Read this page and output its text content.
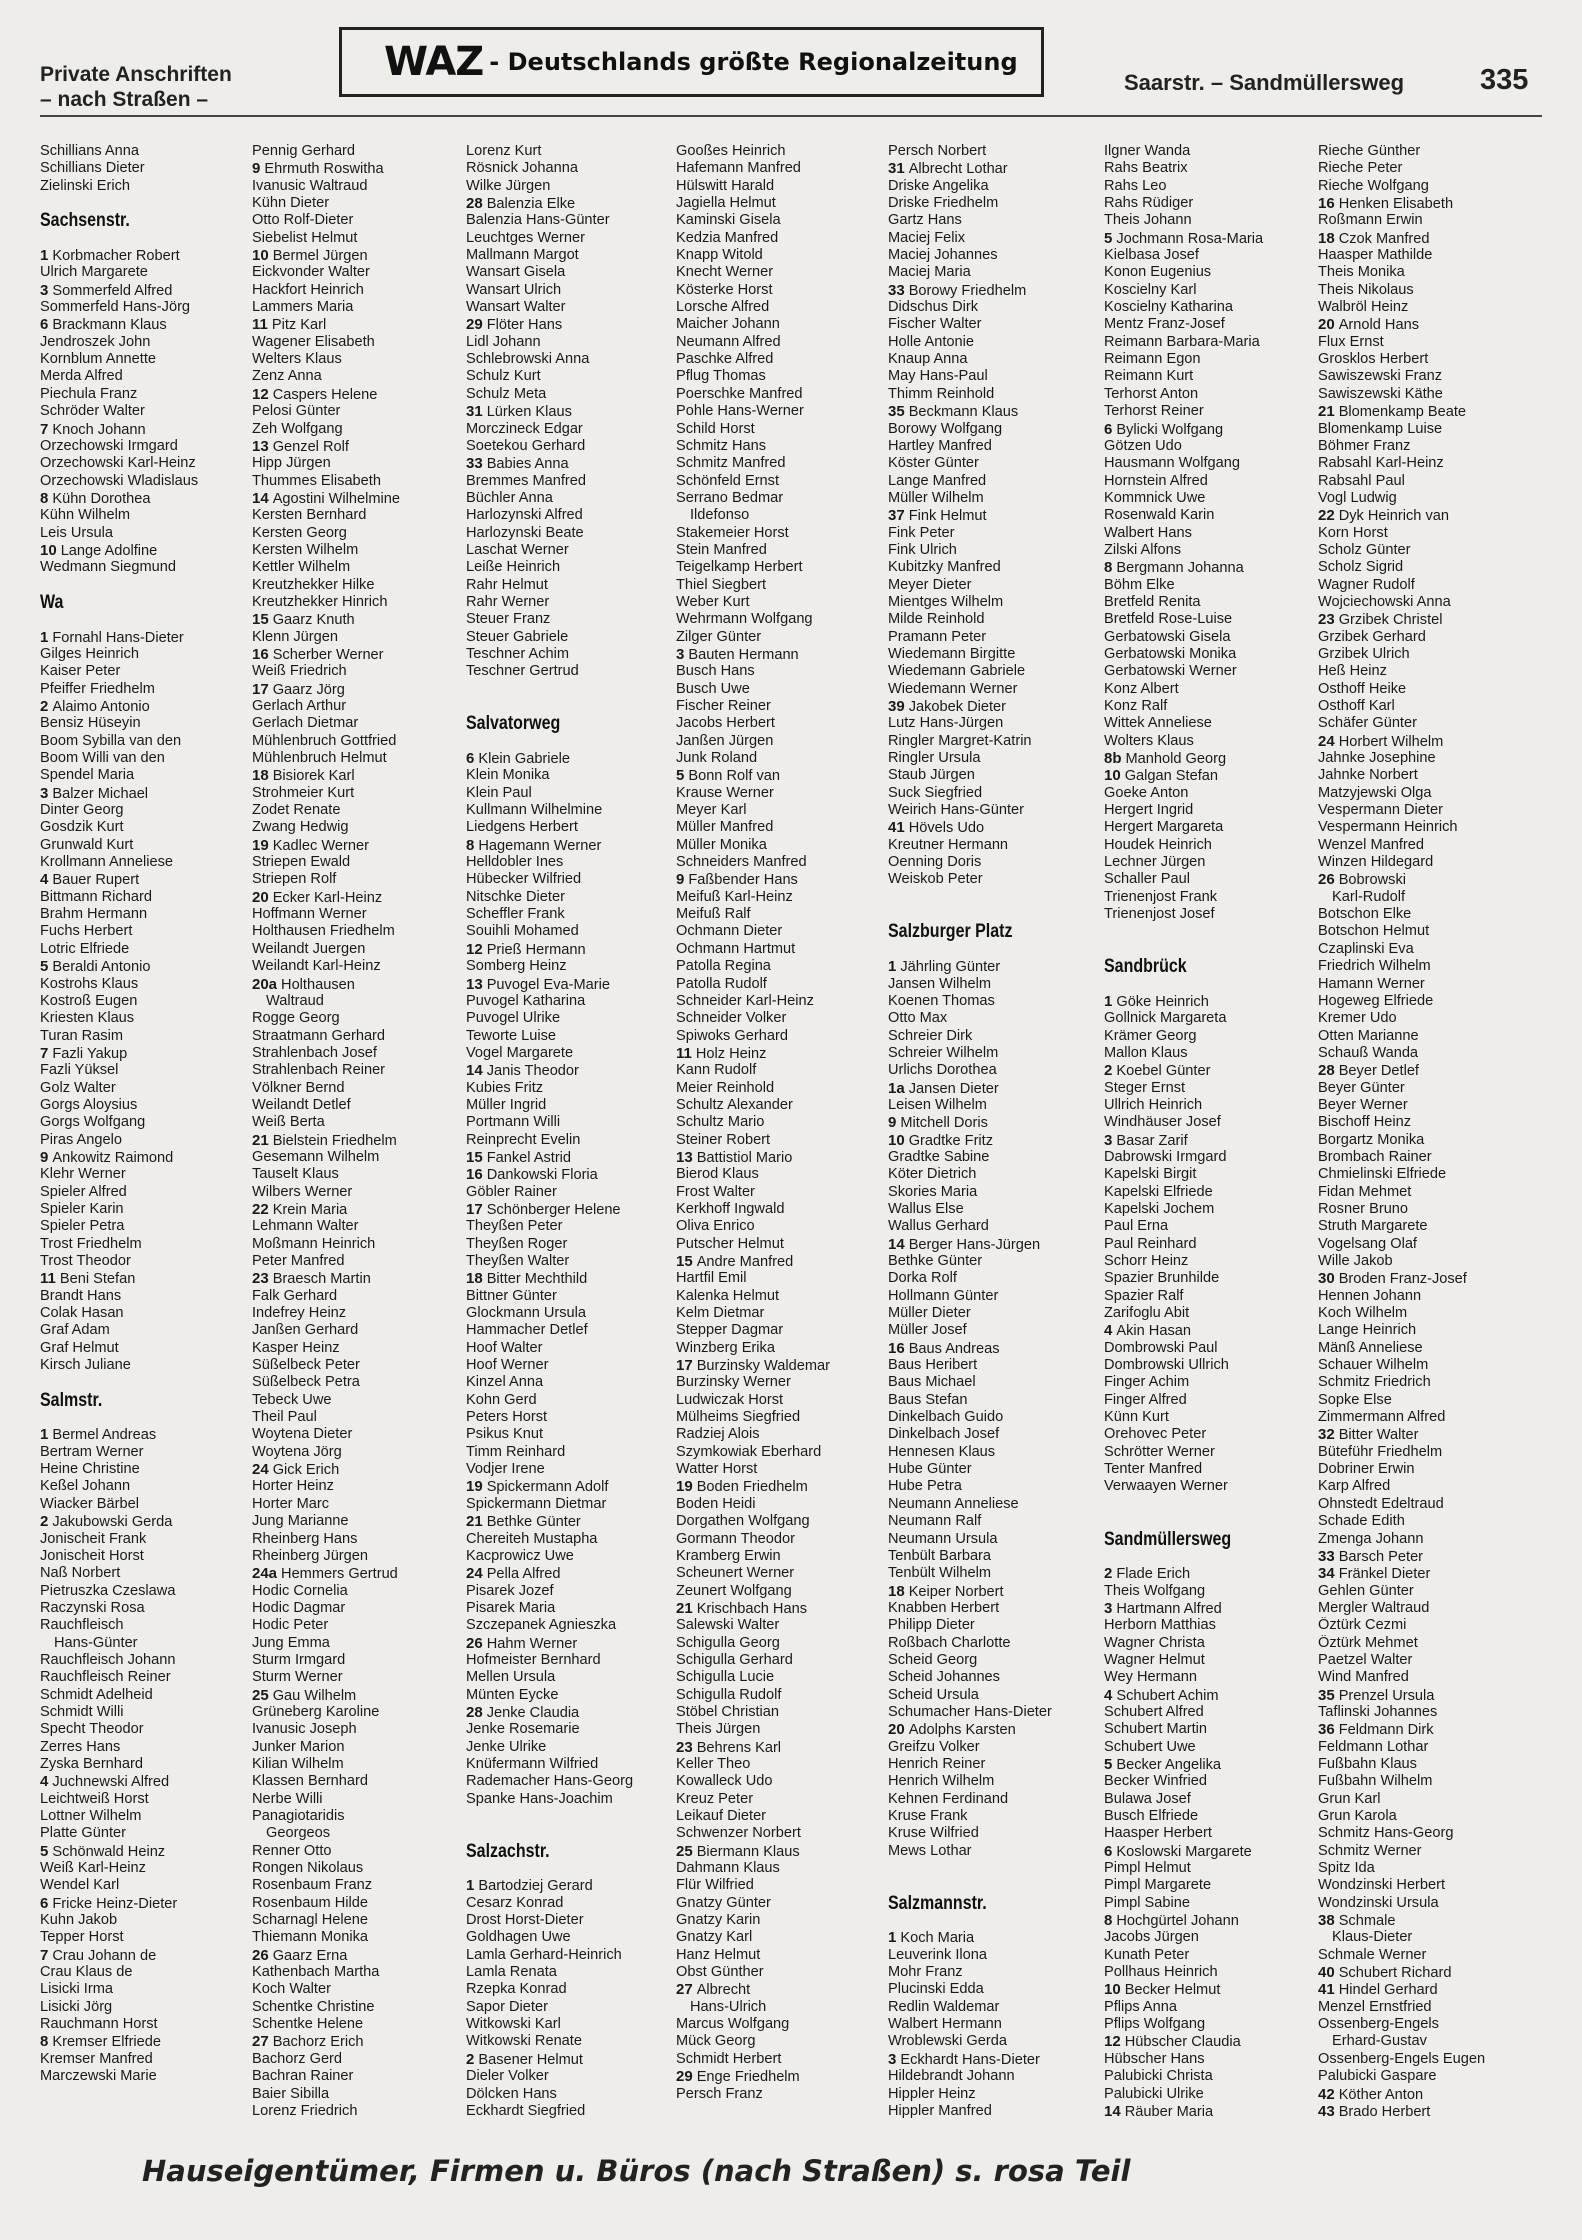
Private Anschriften
– nach Straßen –
WAZ - Deutschlands größte Regionalzeitung
Saarstr. – Sandmüllersweg	335
Schillians Anna
Schillians Dieter
Zielinski Erich
Sachsenstr.
1 Korbmacher Robert
Ulrich Margarete
3 Sommerfeld Alfred
Sommerfeld Hans-Jörg
6 Brackmann Klaus
Jendroszek John
Kornblum Annette
Merda Alfred
Piechula Franz
Schröder Walter
7 Knoch Johann
Orzechowski Irmgard
Orzechowski Karl-Heinz
Orzechowski Wladislaus
8 Kühn Dorothea
Kühn Wilhelm
Leis Ursula
10 Lange Adolfine
Wedmann Siegmund
Wa
1 Fornahl Hans-Dieter
Gilges Heinrich
Kaiser Peter
Pfeiffer Friedhelm
2 Alaimo Antonio
Bensiz Hüseyin
Boom Sybilla van den
Boom Willi van den
Spendel Maria
3 Balzer Michael
Dinter Georg
Gosdzik Kurt
Grunwald Kurt
Krollmann Anneliese
4 Bauer Rupert
Bittmann Richard
Brahm Hermann
Fuchs Herbert
Lotric Elfriede
5 Beraldi Antonio
Kostrohs Klaus
Kostroß Eugen
Kriesten Klaus
Turan Rasim
7 Fazli Yakup
Fazli Yüksel
Golz Walter
Gorgs Aloysius
Gorgs Wolfgang
Piras Angelo
9 Ankowitz Raimond
Klehr Werner
Spieler Alfred
Spieler Karin
Spieler Petra
Trost Friedhelm
Trost Theodor
11 Beni Stefan
Brandt Hans
Colak Hasan
Graf Adam
Graf Helmut
Kirsch Juliane
Salmstr.
1 Bermel Andreas
Bertram Werner
Heine Christine
Keßel Johann
Wiacker Bärbel
2 Jakubowski Gerda
Jonischeit Frank
Jonischeit Horst
Naß Norbert
Pietruszka Czeslawa
Raczynski Rosa
Rauchfleisch
Hans-Günter
Rauchfleisch Johann
Rauchfleisch Reiner
Schmidt Adelheid
Schmidt Willi
Specht Theodor
Zerres Hans
Zyska Bernhard
4 Juchnewski Alfred
Leichtweiß Horst
Lottner Wilhelm
Platte Günter
5 Schönwald Heinz
Weiß Karl-Heinz
Wendel Karl
6 Fricke Heinz-Dieter
Kuhn Jakob
Tepper Horst
7 Crau Johann de
Crau Klaus de
Lisicki Irma
Lisicki Jörg
Rauchmann Horst
8 Kremser Elfriede
Kremser Manfred
Marczewski Marie
Pennig Gerhard
9 Ehrmuth Roswitha
Ivanusic Waltraud
Kühn Dieter
Otto Rolf-Dieter
Siebelist Helmut
10 Bermel Jürgen
Eickvonder Walter
Hackfort Heinrich
Lammers Maria
11 Pitz Karl
Wagener Elisabeth
Welters Klaus
Zenz Anna
12 Caspers Helene
Pelosi Günter
Zeh Wolfgang
13 Genzel Rolf
Hipp Jürgen
Thummes Elisabeth
14 Agostini Wilhelmine
Kersten Bernhard
Kersten Georg
Kersten Wilhelm
Kettler Wilhelm
Kreutzhekker Hilke
Kreutzhekker Hinrich
15 Gaarz Knuth
Klenn Jürgen
16 Scherber Werner
Weiß Friedrich
17 Gaarz Jörg
Gerlach Arthur
Gerlach Dietmar
Mühlenbruch Gottfried
Mühlenbruch Helmut
18 Bisiorek Karl
Strohmeier Kurt
Zodet Renate
Zwang Hedwig
19 Kadlec Werner
Striepen Ewald
Striepen Rolf
20 Ecker Karl-Heinz
Hoffmann Werner
Holthausen Friedhelm
Weilandt Juergen
Weilandt Karl-Heinz
20a Holthausen
Waltraud
Rogge Georg
Straatmann Gerhard
Strahlenbach Josef
Strahlenbach Reiner
Völkner Bernd
Weilandt Detlef
Weiß Berta
21 Bielstein Friedhelm
Gesemann Wilhelm
Tauselt Klaus
Wilbers Werner
22 Krein Maria
Lehmann Walter
Moßmann Heinrich
Peter Manfred
23 Braesch Martin
Falk Gerhard
Indefrey Heinz
Janßen Gerhard
Kasper Heinz
Süßelbeck Peter
Süßelbeck Petra
Tebeck Uwe
Theil Paul
Woytena Dieter
Woytena Jörg
24 Gick Erich
Horter Heinz
Horter Marc
Jung Marianne
Rheinberg Hans
Rheinberg Jürgen
24a Hemmers Gertrud
Hodic Cornelia
Hodic Dagmar
Hodic Peter
Jung Emma
Sturm Irmgard
Sturm Werner
25 Gau Wilhelm
Grüneberg Karoline
Ivanusic Joseph
Junker Marion
Kilian Wilhelm
Klassen Bernhard
Nerbe Willi
Panagiotaridis
Georgeos
Renner Otto
Rongen Nikolaus
Rosenbaum Franz
Rosenbaum Hilde
Scharnagl Helene
Thiemann Monika
26 Gaarz Erna
Kathenbach Martha
Koch Walter
Schentke Christine
Schentke Helene
27 Bachorz Erich
Bachorz Gerd
Bachran Rainer
Baier Sibilla
Lorenz Friedrich
Lorenz Kurt
Rösnick Johanna
Wilke Jürgen
28 Balenzia Elke
Balenzia Hans-Günter
Leuchtges Werner
Mallmann Margot
Wansart Gisela
Wansart Ulrich
Wansart Walter
29 Flöter Hans
Lidl Johann
Schlebrowski Anna
Schulz Kurt
Schulz Meta
31 Lürken Klaus
Morczineck Edgar
Soetekou Gerhard
33 Babies Anna
Bremmes Manfred
Büchler Anna
Harlozynski Alfred
Harlozynski Beate
Laschat Werner
Leiße Heinrich
Rahr Helmut
Rahr Werner
Steuer Franz
Steuer Gabriele
Teschner Achim
Teschner Gertrud
Salvatorweg
6 Klein Gabriele
Klein Monika
Klein Paul
Kullmann Wilhelmine
Liedgens Herbert
8 Hagemann Werner
Helldobler Ines
Hübecker Wilfried
Nitschke Dieter
Scheffler Frank
Souihli Mohamed
12 Prieß Hermann
Somberg Heinz
13 Puvogel Eva-Marie
Puvogel Katharina
Puvogel Ulrike
Teworte Luise
Vogel Margarete
14 Janis Theodor
Kubies Fritz
Müller Ingrid
Portmann Willi
Reinprecht Evelin
15 Fankel Astrid
16 Dankowski Floria
Göbler Rainer
17 Schönberger Helene
Theyßen Peter
Theyßen Roger
Theyßen Walter
18 Bitter Mechthild
Bittner Günter
Glockmann Ursula
Hammacher Detlef
Hoof Walter
Hoof Werner
Kinzel Anna
Kohn Gerd
Peters Horst
Psikus Knut
Timm Reinhard
Vodjer Irene
19 Spickermann Adolf
Spickermann Dietmar
21 Bethke Günter
Chereiteh Mustapha
Kacprowicz Uwe
24 Pella Alfred
Pisarek Jozef
Pisarek Maria
Szczepanek Agnieszka
26 Hahm Werner
Hofmeister Bernhard
Mellen Ursula
Münten Eycke
28 Jenke Claudia
Jenke Rosemarie
Jenke Ulrike
Knüfermann Wilfried
Rademacher Hans-Georg
Spanke Hans-Joachim
Salzachstr.
1 Bartodziej Gerard
Cesarz Konrad
Drost Horst-Dieter
Goldhagen Uwe
Lamla Gerhard-Heinrich
Lamla Renata
Rzepka Konrad
Sapor Dieter
Witkowski Karl
Witkowski Renate
2 Basener Helmut
Dieler Volker
Dölcken Hans
Eckhardt Siegfried
Gooßes Heinrich
Hafemann Manfred
Hülswitt Harald
Jagiella Helmut
Kaminski Gisela
Kedzia Manfred
Knapp Witold
Knecht Werner
Kösterke Horst
Lorsche Alfred
Maicher Johann
Neumann Alfred
Paschke Alfred
Pflug Thomas
Poerschke Manfred
Pohle Hans-Werner
Schild Horst
Schmitz Hans
Schmitz Manfred
Schönfeld Ernst
Serrano Bedmar
Ildefonso
Stakemeier Horst
Stein Manfred
Teigelkamp Herbert
Thiel Siegbert
Weber Kurt
Wehrmann Wolfgang
Zilger Günter
3 Bauten Hermann
Busch Hans
Busch Uwe
Fischer Reiner
Jacobs Herbert
Janßen Jürgen
Junk Roland
5 Bonn Rolf van
Krause Werner
Meyer Karl
Müller Manfred
Müller Monika
Schneiders Manfred
9 Faßbender Hans
Meifuß Karl-Heinz
Meifuß Ralf
Ochmann Dieter
Ochmann Hartmut
Patolla Regina
Patolla Rudolf
Schneider Karl-Heinz
Schneider Volker
Spiwoks Gerhard
11 Holz Heinz
Kann Rudolf
Meier Reinhold
Schultz Alexander
Schultz Mario
Steiner Robert
13 Battistiol Mario
Bierod Klaus
Frost Walter
Kerkhoff Ingwald
Oliva Enrico
Putscher Helmut
15 Andre Manfred
Hartfil Emil
Kalenka Helmut
Kelm Dietmar
Stepper Dagmar
Winzberg Erika
17 Burzinsky Waldemar
Burzinsky Werner
Ludwiczak Horst
Mülheims Siegfried
Radziej Alois
Szymkowiak Eberhard
Watter Horst
19 Boden Friedhelm
Boden Heidi
Dorgathen Wolfgang
Gormann Theodor
Kramberg Erwin
Scheunert Werner
Zeunert Wolfgang
21 Krischbach Hans
Salewski Walter
Schigulla Georg
Schigulla Gerhard
Schigulla Lucie
Schigulla Rudolf
Stöbel Christian
Theis Jürgen
23 Behrens Karl
Keller Theo
Kowalleck Udo
Kreuz Peter
Leikauf Dieter
Schwenzer Norbert
25 Biermann Klaus
Dahmann Klaus
Flür Wilfried
Gnatzy Günter
Gnatzy Karin
Gnatzy Karl
Hanz Helmut
Obst Günther
27 Albrecht
Hans-Ulrich
Marcus Wolfgang
Mück Georg
Schmidt Herbert
29 Enge Friedhelm
Persch Franz
Persch Norbert
31 Albrecht Lothar
Driske Angelika
Driske Friedhelm
Gartz Hans
Maciej Felix
Maciej Johannes
Maciej Maria
33 Borowy Friedhelm
Didschus Dirk
Fischer Walter
Holle Antonie
Knaup Anna
May Hans-Paul
Thimm Reinhold
35 Beckmann Klaus
Borowy Wolfgang
Hartley Manfred
Köster Günter
Lange Manfred
Müller Wilhelm
37 Fink Helmut
Fink Peter
Fink Ulrich
Kubitzky Manfred
Meyer Dieter
Mientges Wilhelm
Milde Reinhold
Pramann Peter
Wiedemann Birgitte
Wiedemann Gabriele
Wiedemann Werner
39 Jakobek Dieter
Lutz Hans-Jürgen
Ringler Margret-Katrin
Ringler Ursula
Staub Jürgen
Suck Siegfried
Weirich Hans-Günter
41 Hövels Udo
Kreutner Hermann
Oenning Doris
Weiskob Peter
Salzburger Platz
1 Jährling Günter
Jansen Wilhelm
Koenen Thomas
Otto Max
Schreier Dirk
Schreier Wilhelm
Urlichs Dorothea
1a Jansen Dieter
Leisen Wilhelm
9 Mitchell Doris
10 Gradtke Fritz
Gradtke Sabine
Köter Dietrich
Skories Maria
Wallus Else
Wallus Gerhard
14 Berger Hans-Jürgen
Bethke Günter
Dorka Rolf
Hollmann Günter
Müller Dieter
Müller Josef
16 Baus Andreas
Baus Heribert
Baus Michael
Baus Stefan
Dinkelbach Guido
Dinkelbach Josef
Hennesen Klaus
Hube Günter
Hube Petra
Neumann Anneliese
Neumann Ralf
Neumann Ursula
Tenbült Barbara
Tenbült Wilhelm
18 Keiper Norbert
Knabben Herbert
Philipp Dieter
Roßbach Charlotte
Scheid Georg
Scheid Johannes
Scheid Ursula
Schumacher Hans-Dieter
20 Adolphs Karsten
Greifzu Volker
Henrich Reiner
Henrich Wilhelm
Kehnen Ferdinand
Kruse Frank
Kruse Wilfried
Mews Lothar
Salzmannstr.
1 Koch Maria
Leuverink Ilona
Mohr Franz
Plucinski Edda
Redlin Waldemar
Walbert Hermann
Wroblewski Gerda
3 Eckhardt Hans-Dieter
Hildebrandt Johann
Hippler Heinz
Hippler Manfred
Ilgner Wanda
Rahs Beatrix
Rahs Leo
Rahs Rüdiger
Theis Johann
5 Jochmann Rosa-Maria
Kielbasa Josef
Konon Eugenius
Koscielny Karl
Koscielny Katharina
Mentz Franz-Josef
Reimann Barbara-Maria
Reimann Egon
Reimann Kurt
Terhorst Anton
Terhorst Reiner
6 Bylicki Wolfgang
Götzen Udo
Hausmann Wolfgang
Hornstein Alfred
Kommnick Uwe
Rosenwald Karin
Walbert Hans
Zilski Alfons
8 Bergmann Johanna
Böhm Elke
Bretfeld Renita
Bretfeld Rose-Luise
Gerbatowski Gisela
Gerbatowski Monika
Gerbatowski Werner
Konz Albert
Konz Ralf
Wittek Anneliese
Wolters Klaus
8b Manhold Georg
10 Galgan Stefan
Goeke Anton
Hergert Ingrid
Hergert Margareta
Houdek Heinrich
Lechner Jürgen
Schaller Paul
Trienenjost Frank
Trienenjost Josef
Sandbrück
1 Göke Heinrich
Gollnick Margareta
Krämer Georg
Mallon Klaus
2 Koebel Günter
Steger Ernst
Ullrich Heinrich
Windhäuser Josef
3 Basar Zarif
Dabrowski Irmgard
Kapelski Birgit
Kapelski Elfriede
Kapelski Jochem
Paul Erna
Paul Reinhard
Schorr Heinz
Spazier Brunhilde
Spazier Ralf
Zarifoglu Abit
4 Akin Hasan
Dombrowski Paul
Dombrowski Ullrich
Finger Achim
Finger Alfred
Künn Kurt
Orehovec Peter
Schrötter Werner
Tenter Manfred
Verwaayen Werner
Sandmüllersweg
2 Flade Erich
Theis Wolfgang
3 Hartmann Alfred
Herborn Matthias
Wagner Christa
Wagner Helmut
Wey Hermann
4 Schubert Achim
Schubert Alfred
Schubert Martin
Schubert Uwe
5 Becker Angelika
Becker Winfried
Bulawa Josef
Busch Elfriede
Haasper Herbert
6 Koslowski Margarete
Pimpl Helmut
Pimpl Margarete
Pimpl Sabine
8 Hochgürtel Johann
Jacobs Jürgen
Kunath Peter
Pollhaus Heinrich
10 Becker Helmut
Pflips Anna
Pflips Wolfgang
12 Hübscher Claudia
Hübscher Hans
Palubicki Christa
Palubicki Ulrike
14 Räuber Maria
Rieche Günther
Rieche Peter
Rieche Wolfgang
16 Henken Elisabeth
Roßmann Erwin
18 Czok Manfred
Haasper Mathilde
Theis Monika
Theis Nikolaus
Walbröl Heinz
20 Arnold Hans
Flux Ernst
Grosklos Herbert
Sawiszewski Franz
Sawiszewski Käthe
21 Blomenkamp Beate
Blomenkamp Luise
Böhmer Franz
Rabsahl Karl-Heinz
Rabsahl Paul
Vogl Ludwig
22 Dyk Heinrich van
Korn Horst
Scholz Günter
Scholz Sigrid
Wagner Rudolf
Wojciechowski Anna
23 Grzibek Christel
Grzibek Gerhard
Grzibek Ulrich
Heß Heinz
Osthoff Heike
Osthoff Karl
Schäfer Günter
24 Horbert Wilhelm
Jahnke Josephine
Jahnke Norbert
Matzyjewski Olga
Vespermann Dieter
Vespermann Heinrich
Wenzel Manfred
Winzen Hildegard
26 Bobrowski
Karl-Rudolf
Botschon Elke
Botschon Helmut
Czaplinski Eva
Friedrich Wilhelm
Hamann Werner
Hogeweg Elfriede
Kremer Udo
Otten Marianne
Schauß Wanda
28 Beyer Detlef
Beyer Günter
Beyer Werner
Bischoff Heinz
Borgartz Monika
Brombach Rainer
Chmielinski Elfriede
Fidan Mehmet
Rosner Bruno
Struth Margarete
Vogelsang Olaf
Wille Jakob
30 Broden Franz-Josef
Hennen Johann
Koch Wilhelm
Lange Heinrich
Mänß Anneliese
Schauer Wilhelm
Schmitz Friedrich
Sopke Else
Zimmermann Alfred
32 Bitter Walter
Büteführ Friedhelm
Dobriner Erwin
Karp Alfred
Ohnstedt Edeltraud
Schade Edith
Zmenga Johann
33 Barsch Peter
34 Fränkel Dieter
Gehlen Günter
Mergler Waltraud
Öztürk Cezmi
Öztürk Mehmet
Paetzel Walter
Wind Manfred
35 Prenzel Ursula
Taflinski Johannes
36 Feldmann Dirk
Feldmann Lothar
Fußbahn Klaus
Fußbahn Wilhelm
Grun Karl
Grun Karola
Schmitz Hans-Georg
Schmitz Werner
Spitz Ida
Wondzinski Herbert
Wondzinski Ursula
38 Schmale
Klaus-Dieter
Schmale Werner
40 Schubert Richard
41 Hindel Gerhard
Menzel Ernstfried
Ossenberg-Engels
Erhard-Gustav
Ossenberg-Engels Eugen
Palubicki Gaspare
42 Köther Anton
43 Brado Herbert
Hauseigentümer, Firmen u. Büros (nach Straßen) s. rosa Teil
